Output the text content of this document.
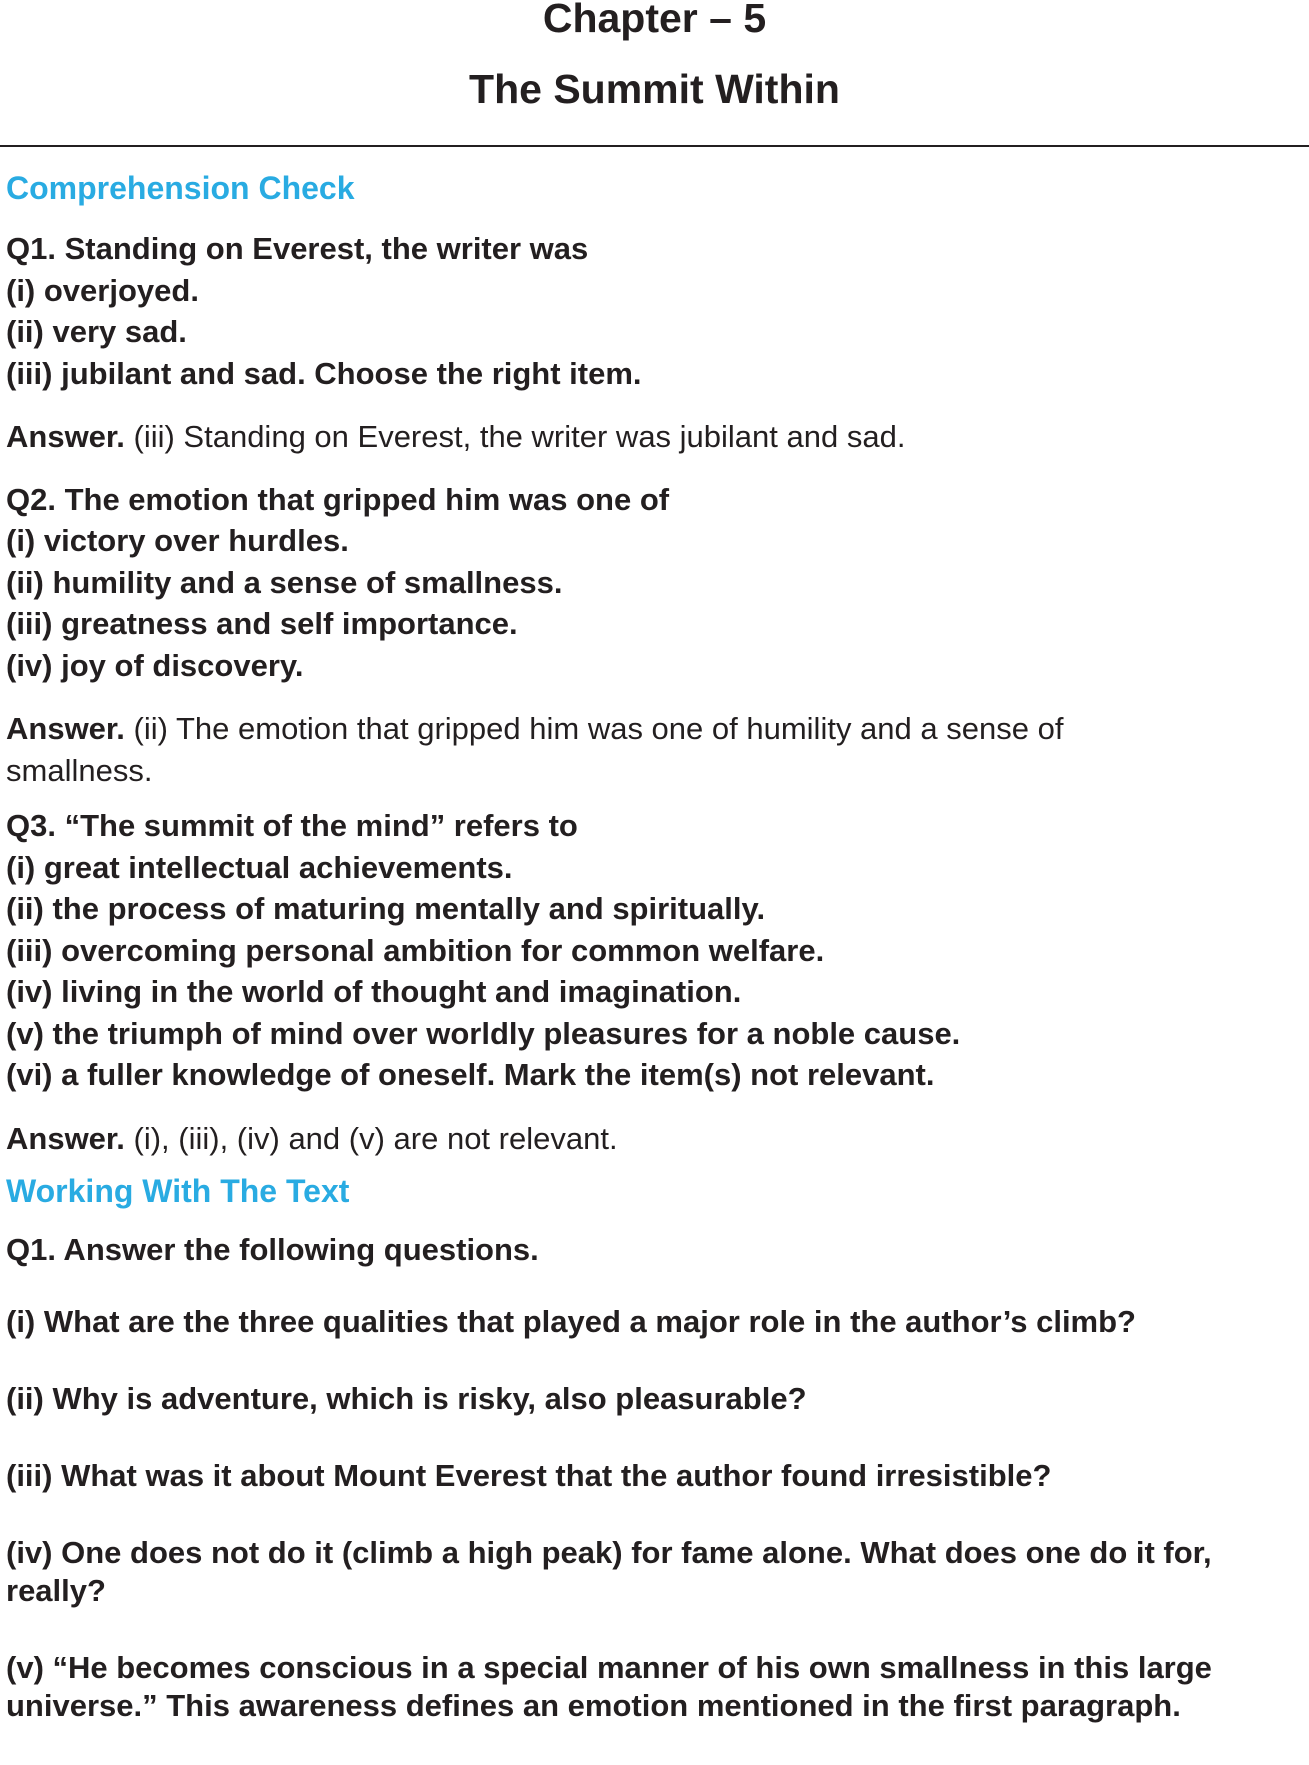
Chapter – 5

The Summit Within

Comprehension Check

Q1. Standing on Everest, the writer was

(i) overjoyed.

(ii) very sad.

(iii) jubilant and sad. Choose the right item.

Answer. (iii) Standing on Everest, the writer was jubilant and sad.

Q2. The emotion that gripped him was one of

(i) victory over hurdles.

(ii) humility and a sense of smallness.

(iii) greatness and self importance.

(iv) joy of discovery.

Answer. (ii) The emotion that gripped him was one of humility and a sense of smallness.

Q3. “The summit of the mind” refers to

(i) great intellectual achievements.

(ii) the process of maturing mentally and spiritually.

(iii) overcoming personal ambition for common welfare.

(iv) living in the world of thought and imagination.

(v) the triumph of mind over worldly pleasures for a noble cause.

(vi) a fuller knowledge of oneself. Mark the item(s) not relevant.

Answer. (i), (iii), (iv) and (v) are not relevant.

Working With The Text

Q1. Answer the following questions.

(i) What are the three qualities that played a major role in the author’s climb?

(ii) Why is adventure, which is risky, also pleasurable?

(iii) What was it about Mount Everest that the author found irresistible?

(iv) One does not do it (climb a high peak) for fame alone. What does one do it for, really?

(v) “He becomes conscious in a special manner of his own smallness in this large universe.” This awareness defines an emotion mentioned in the first paragraph.
